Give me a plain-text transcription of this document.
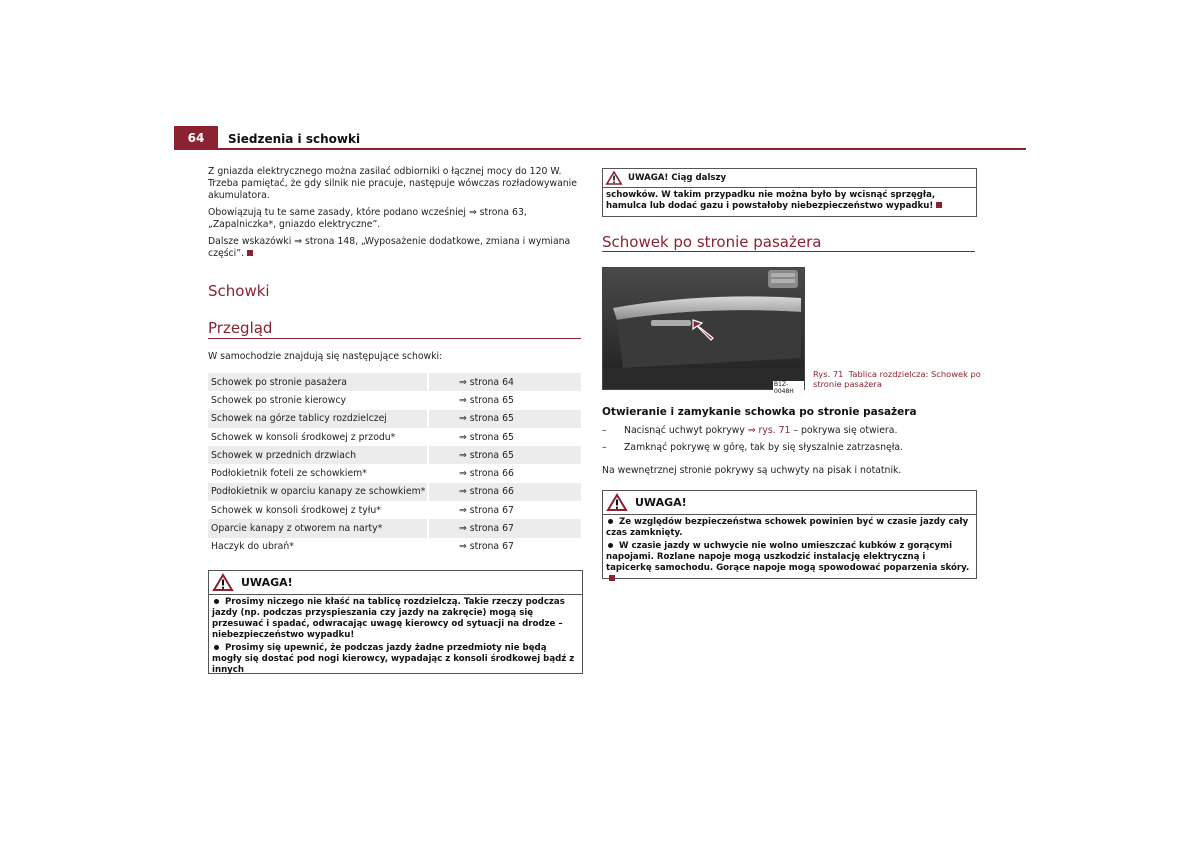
64	Siedzenia i schowki

Z gniazda elektrycznego można zasilać odbiorniki o łącznej mocy do 120 W. Trzeba pamiętać, że gdy silnik nie pracuje, następuje wówczas rozładowywanie akumulatora.

Obowiązują tu te same zasady, które podano wcześniej ⇒ strona 63, „Zapalniczka*, gniazdo elektryczne”.

Dalsze wskazówki ⇒ strona 148, „Wyposażenie dodatkowe, zmiana i wymiana części”.

Schowki
Przegląd
W samochodzie znajdują się następujące schowki:
Schowek po stronie pasażera	⇒ strona 64
Schowek po stronie kierowcy	⇒ strona 65
Schowek na górze tablicy rozdzielczej	⇒ strona 65
Schowek w konsoli środkowej z przodu*	⇒ strona 65
Schowek w przednich drzwiach	⇒ strona 65
Podłokietnik foteli ze schowkiem*	⇒ strona 66
Podłokietnik w oparciu kanapy ze schowkiem*	⇒ strona 66
Schowek w konsoli środkowej z tyłu*	⇒ strona 67
Oparcie kanapy z otworem na narty*	⇒ strona 67
Haczyk do ubrań*	⇒ strona 67
UWAGA!

Prosimy niczego nie kłaść na tablicę rozdzielczą. Takie rzeczy podczas jazdy (np. podczas przyspieszania czy jazdy na zakręcie) mogą się przesuwać i spadać, odwracając uwagę kierowcy od sytuacji na drodze – niebezpieczeństwo wypadku!

Prosimy się upewnić, że podczas jazdy żadne przedmioty nie będą mogły się dostać pod nogi kierowcy, wypadając z konsoli środkowej bądź z innych

UWAGA! Ciąg dalszy
schowków. W takim przypadku nie można było by wcisnąć sprzęgła, hamulca lub dodać gazu i powstałoby niebezpieczeństwo wypadku!
Schowek po stronie pasażera
B1Z-0048H
Rys. 71 Tablica rozdzielcza: Schowek po stronie pasażera
Otwieranie i zamykanie schowka po stronie pasażera
– Nacisnąć uchwyt pokrywy ⇒ rys. 71 – pokrywa się otwiera.
– Zamknąć pokrywę w górę, tak by się słyszalnie zatrzasnęła.
Na wewnętrznej stronie pokrywy są uchwyty na pisak i notatnik.
UWAGA!

Ze względów bezpieczeństwa schowek powinien być w czasie jazdy cały czas zamknięty.

W czasie jazdy w uchwycie nie wolno umieszczać kubków z gorącymi napojami. Rozlane napoje mogą uszkodzić instalację elektryczną i tapicerkę samochodu. Gorące napoje mogą spowodować poparzenia skóry.
